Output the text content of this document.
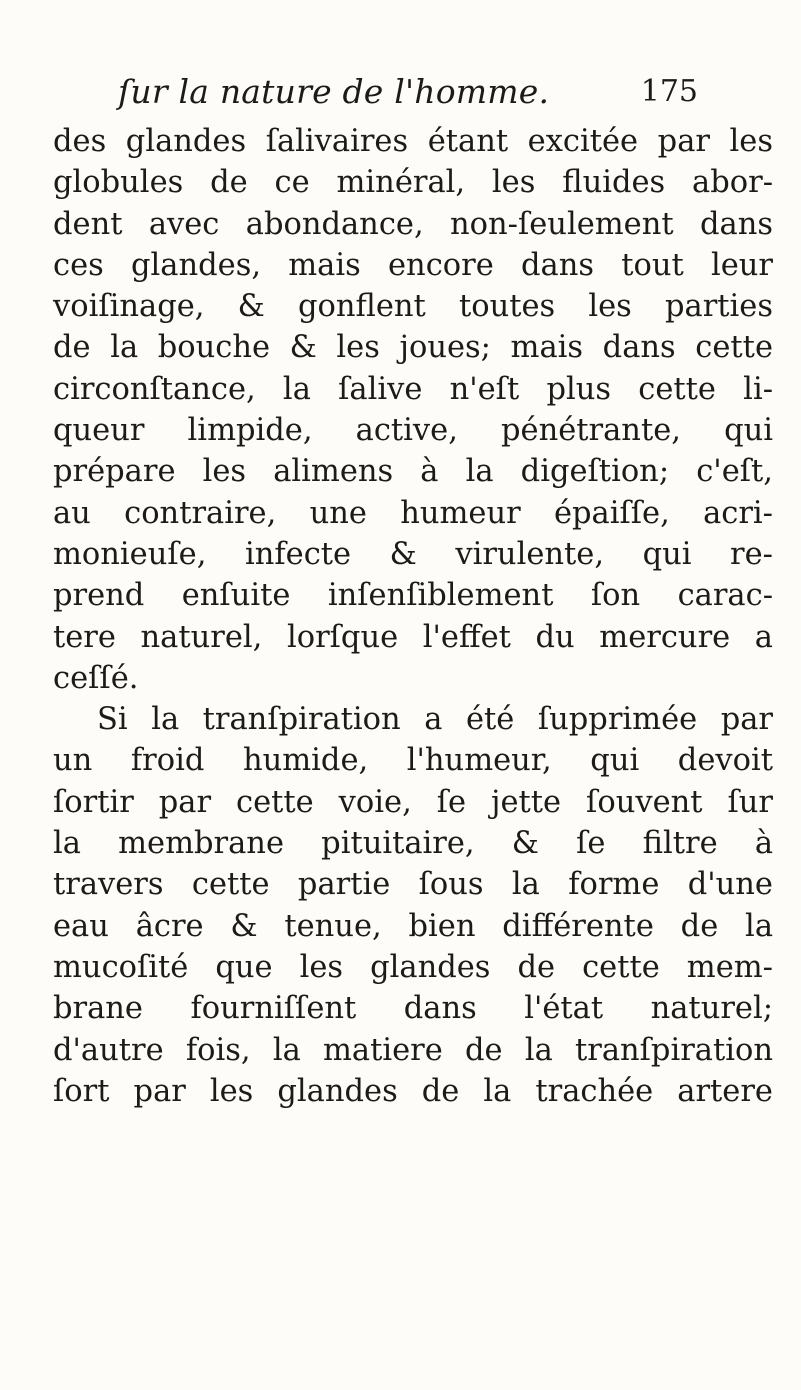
ſur la nature de l'homme.	175
des glandes ſalivaires étant excitée par les
globules de ce minéral, les fluides abor-
dent avec abondance, non-ſeulement dans
ces glandes, mais encore dans tout leur
voiſinage, & gonflent toutes les parties
de la bouche & les joues; mais dans cette
circonſtance, la ſalive n'eſt plus cette li-
queur limpide, active, pénétrante, qui
prépare les alimens à la digeſtion; c'eſt,
au contraire, une humeur épaiſſe, acri-
monieuſe, infecte & virulente, qui re-
prend enſuite inſenſiblement ſon carac-
tere naturel, lorſque l'effet du mercure a
ceſſé.
Si la tranſpiration a été ſupprimée par
un froid humide, l'humeur, qui devoit
ſortir par cette voie, ſe jette ſouvent ſur
la membrane pituitaire, & ſe filtre à
travers cette partie ſous la forme d'une
eau âcre & tenue, bien différente de la
mucoſité que les glandes de cette mem-
brane fourniſſent dans l'état naturel;
d'autre fois, la matiere de la tranſpiration
ſort par les glandes de la trachée artere
